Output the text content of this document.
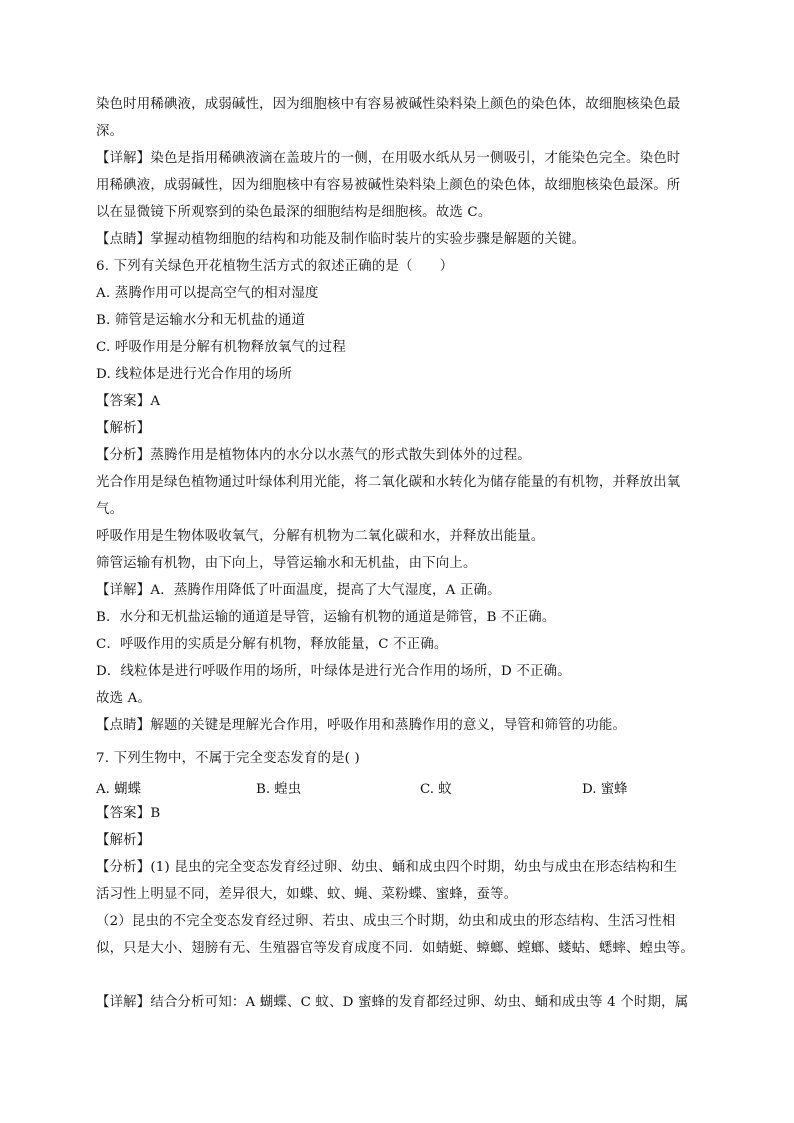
染色时用稀碘液，成弱碱性，因为细胞核中有容易被碱性染料染上颜色的染色体，故细胞核染色最
深。
【详解】染色是指用稀碘液滴在盖玻片的一侧，在用吸水纸从另一侧吸引，才能染色完全。染色时
用稀碘液，成弱碱性，因为细胞核中有容易被碱性染料染上颜色的染色体，故细胞核染色最深。所
以在显微镜下所观察到的染色最深的细胞结构是细胞核。故选 C。
【点睛】掌握动植物细胞的结构和功能及制作临时装片的实验步骤是解题的关键。
6. 下列有关绿色开花植物生活方式的叙述正确的是（　　）
A. 蒸腾作用可以提高空气的相对湿度
B. 筛管是运输水分和无机盐的通道
C. 呼吸作用是分解有机物释放氧气的过程
D. 线粒体是进行光合作用的场所
【答案】A
【解析】
【分析】蒸腾作用是植物体内的水分以水蒸气的形式散失到体外的过程。
光合作用是绿色植物通过叶绿体利用光能，将二氧化碳和水转化为储存能量的有机物，并释放出氧
气。
呼吸作用是生物体吸收氧气，分解有机物为二氧化碳和水，并释放出能量。
筛管运输有机物，由下向上，导管运输水和无机盐，由下向上。
【详解】A．蒸腾作用降低了叶面温度，提高了大气湿度，A 正确。
B．水分和无机盐运输的通道是导管，运输有机物的通道是筛管，B 不正确。
C．呼吸作用的实质是分解有机物，释放能量，C 不正确。
D．线粒体是进行呼吸作用的场所，叶绿体是进行光合作用的场所，D 不正确。
故选 A。
【点睛】解题的关键是理解光合作用，呼吸作用和蒸腾作用的意义，导管和筛管的功能。
7. 下列生物中，不属于完全变态发育的是( )
A. 蝴蝶	B. 蝗虫	C. 蚊	D. 蜜蜂
【答案】B
【解析】
【分析】(1) 昆虫的完全变态发育经过卵、幼虫、蛹和成虫四个时期，幼虫与成虫在形态结构和生
活习性上明显不同，差异很大，如蝶、蚊、蝇、菜粉蝶、蜜蜂，蚕等。
（2）昆虫的不完全变态发育经过卵、若虫、成虫三个时期，幼虫和成虫的形态结构、生活习性相
似，只是大小、翅膀有无、生殖器官等发育成度不同．如蜻蜓、蟑螂、螳螂、蝼蛄、蟋蟀、蝗虫等。
【详解】结合分析可知：A 蝴蝶、C 蚊、D 蜜蜂的发育都经过卵、幼虫、蛹和成虫等 4 个时期，属
